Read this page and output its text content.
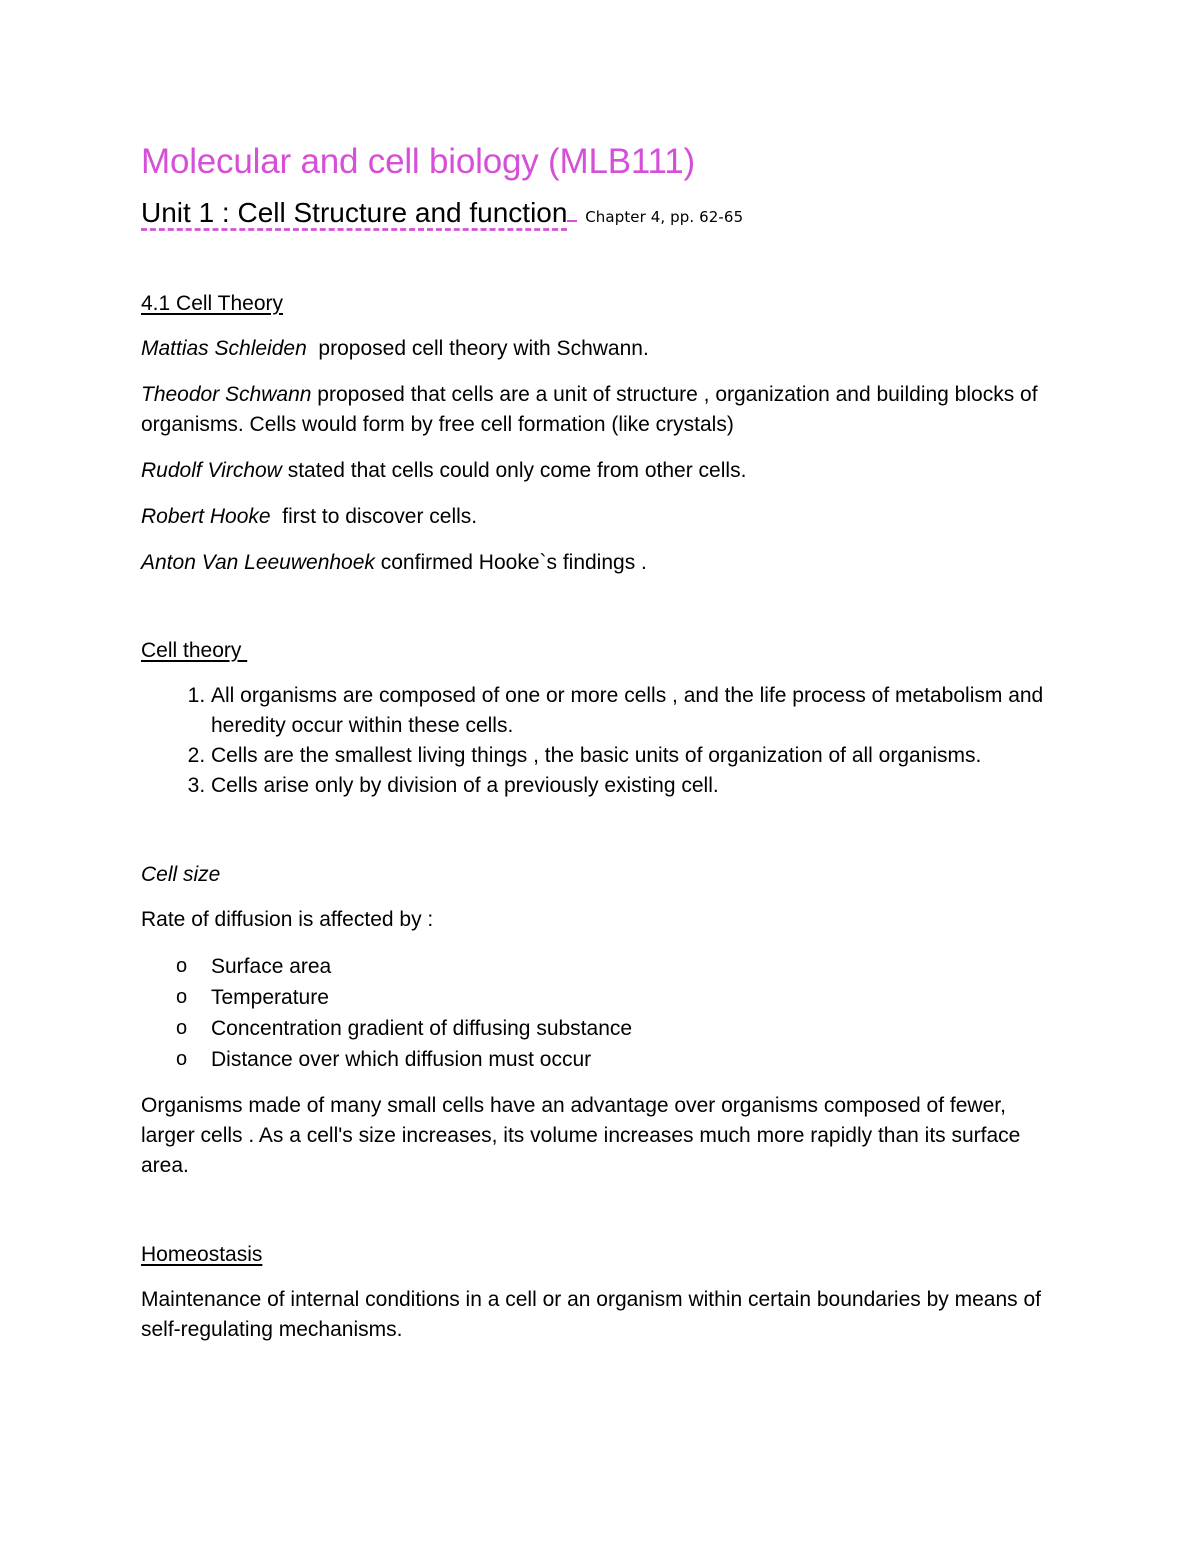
Molecular and cell biology (MLB111)
Unit 1 : Cell Structure and function Chapter 4, pp. 62-65
4.1 Cell Theory

Mattias Schleiden  proposed cell theory with Schwann.

Theodor Schwann proposed that cells are a unit of structure , organization and building blocks of organisms. Cells would form by free cell formation (like crystals)

Rudolf Virchow stated that cells could only come from other cells.

Robert Hooke  first to discover cells.

Anton Van Leeuwenhoek confirmed Hooke`s findings .

Cell theory
1. All organisms are composed of one or more cells , and the life process of metabolism and heredity occur within these cells.
2. Cells are the smallest living things , the basic units of organization of all organisms.
3. Cells arise only by division of a previously existing cell.
Cell size

Rate of diffusion is affected by :

o Surface area
o Temperature
o Concentration gradient of diffusing substance
o Distance over which diffusion must occur

Organisms made of many small cells have an advantage over organisms composed of fewer, larger cells . As a cell's size increases, its volume increases much more rapidly than its surface area.

Homeostasis

Maintenance of internal conditions in a cell or an organism within certain boundaries by means of self-regulating mechanisms.
